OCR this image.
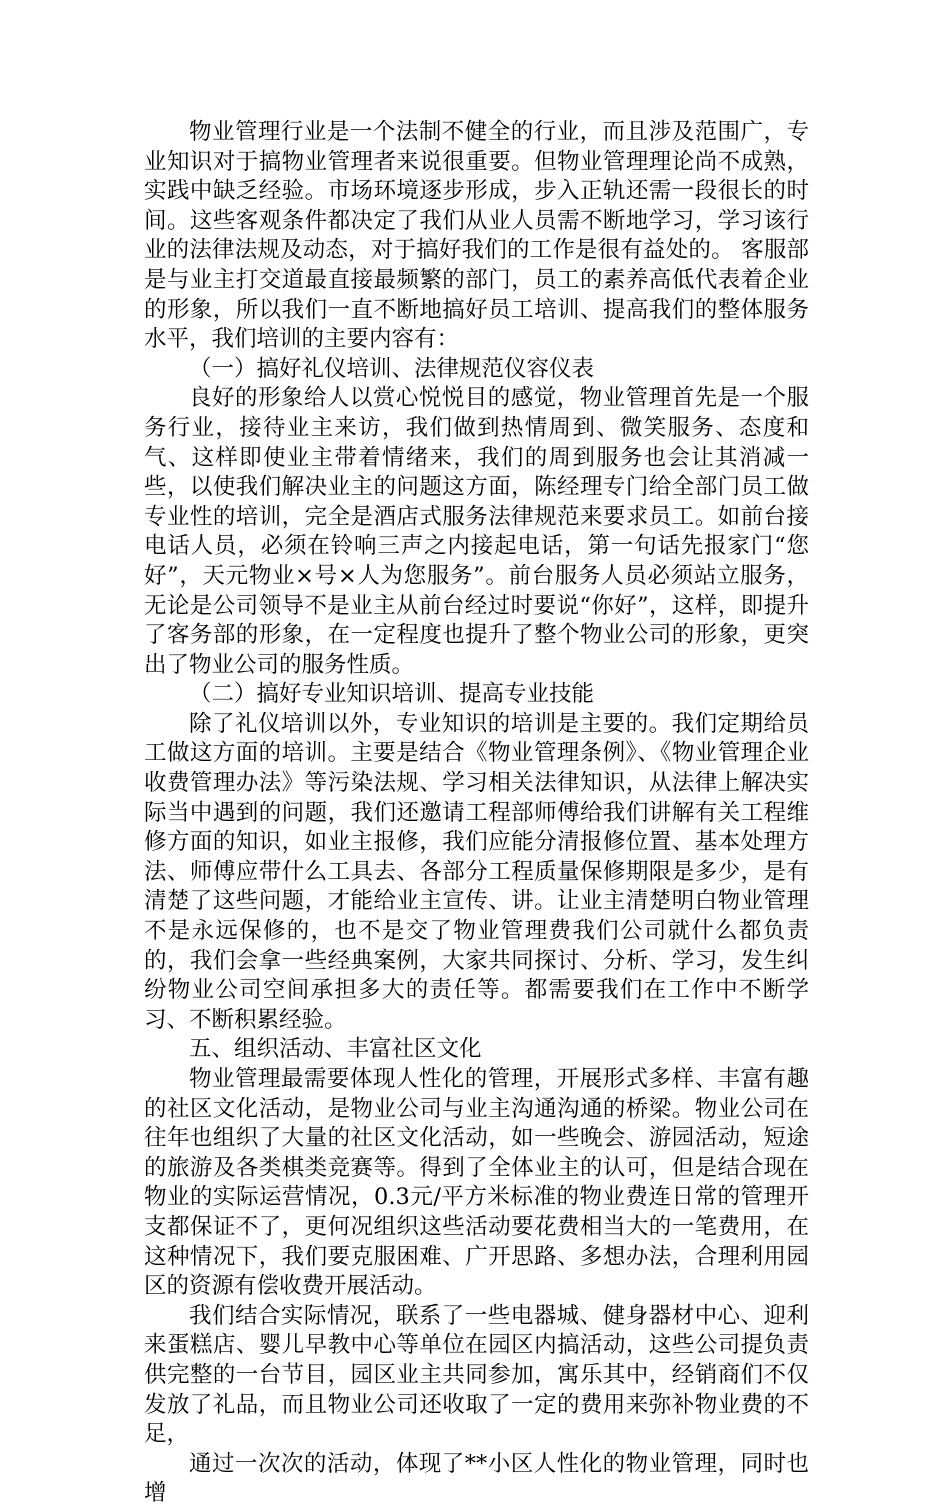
物业管理行业是一个法制不健全的行业，而且涉及范围广，专业知识对于搞物业管理者来说很重要。但物业管理理论尚不成熟，实践中缺乏经验。市场环境逐步形成，步入正轨还需一段很长的时间。这些客观条件都决定了我们从业人员需不断地学习，学习该行业的法律法规及动态，对于搞好我们的工作是很有益处的。 客服部是与业主打交道最直接最频繁的部门，员工的素养高低代表着企业的形象，所以我们一直不断地搞好员工培训、提高我们的整体服务水平，我们培训的主要内容有：

（一）搞好礼仪培训、法律规范仪容仪表

良好的形象给人以赏心悦悦目的感觉，物业管理首先是一个服务行业，接待业主来访，我们做到热情周到、微笑服务、态度和气、这样即使业主带着情绪来，我们的周到服务也会让其消减一些，以使我们解决业主的问题这方面，陈经理专门给全部门员工做专业性的培训，完全是酒店式服务法律规范来要求员工。如前台接电话人员，必须在铃响三声之内接起电话，第一句话先报家门“您好”，天元物业×号×人为您服务”。前台服务人员必须站立服务，无论是公司领导不是业主从前台经过时要说“你好”，这样，即提升了客务部的形象，在一定程度也提升了整个物业公司的形象，更突出了物业公司的服务性质。

（二）搞好专业知识培训、提高专业技能

除了礼仪培训以外，专业知识的培训是主要的。我们定期给员工做这方面的培训。主要是结合《物业管理条例》、《物业管理企业收费管理办法》等污染法规、学习相关法律知识，从法律上解决实际当中遇到的问题，我们还邀请工程部师傅给我们讲解有关工程维修方面的知识，如业主报修，我们应能分清报修位置、基本处理方法、师傅应带什么工具去、各部分工程质量保修期限是多少，是有清楚了这些问题，才能给业主宣传、讲。让业主清楚明白物业管理不是永远保修的，也不是交了物业管理费我们公司就什么都负责的，我们会拿一些经典案例，大家共同探讨、分析、学习，发生纠纷物业公司空间承担多大的责任等。都需要我们在工作中不断学习、不断积累经验。

五、组织活动、丰富社区文化

物业管理最需要体现人性化的管理，开展形式多样、丰富有趣的社区文化活动，是物业公司与业主沟通沟通的桥梁。物业公司在往年也组织了大量的社区文化活动，如一些晚会、游园活动，短途的旅游及各类棋类竞赛等。得到了全体业主的认可，但是结合现在物业的实际运营情况，0.3元/平方米标准的物业费连日常的管理开支都保证不了，更何况组织这些活动要花费相当大的一笔费用，在这种情况下，我们要克服困难、广开思路、多想办法，合理利用园区的资源有偿收费开展活动。

我们结合实际情况，联系了一些电器城、健身器材中心、迎利来蛋糕店、婴儿早教中心等单位在园区内搞活动，这些公司提负责供完整的一台节目，园区业主共同参加，寓乐其中，经销商们不仅发放了礼品，而且物业公司还收取了一定的费用来弥补物业费的不足，

通过一次次的活动，体现了**小区人性化的物业管理，同时也增
